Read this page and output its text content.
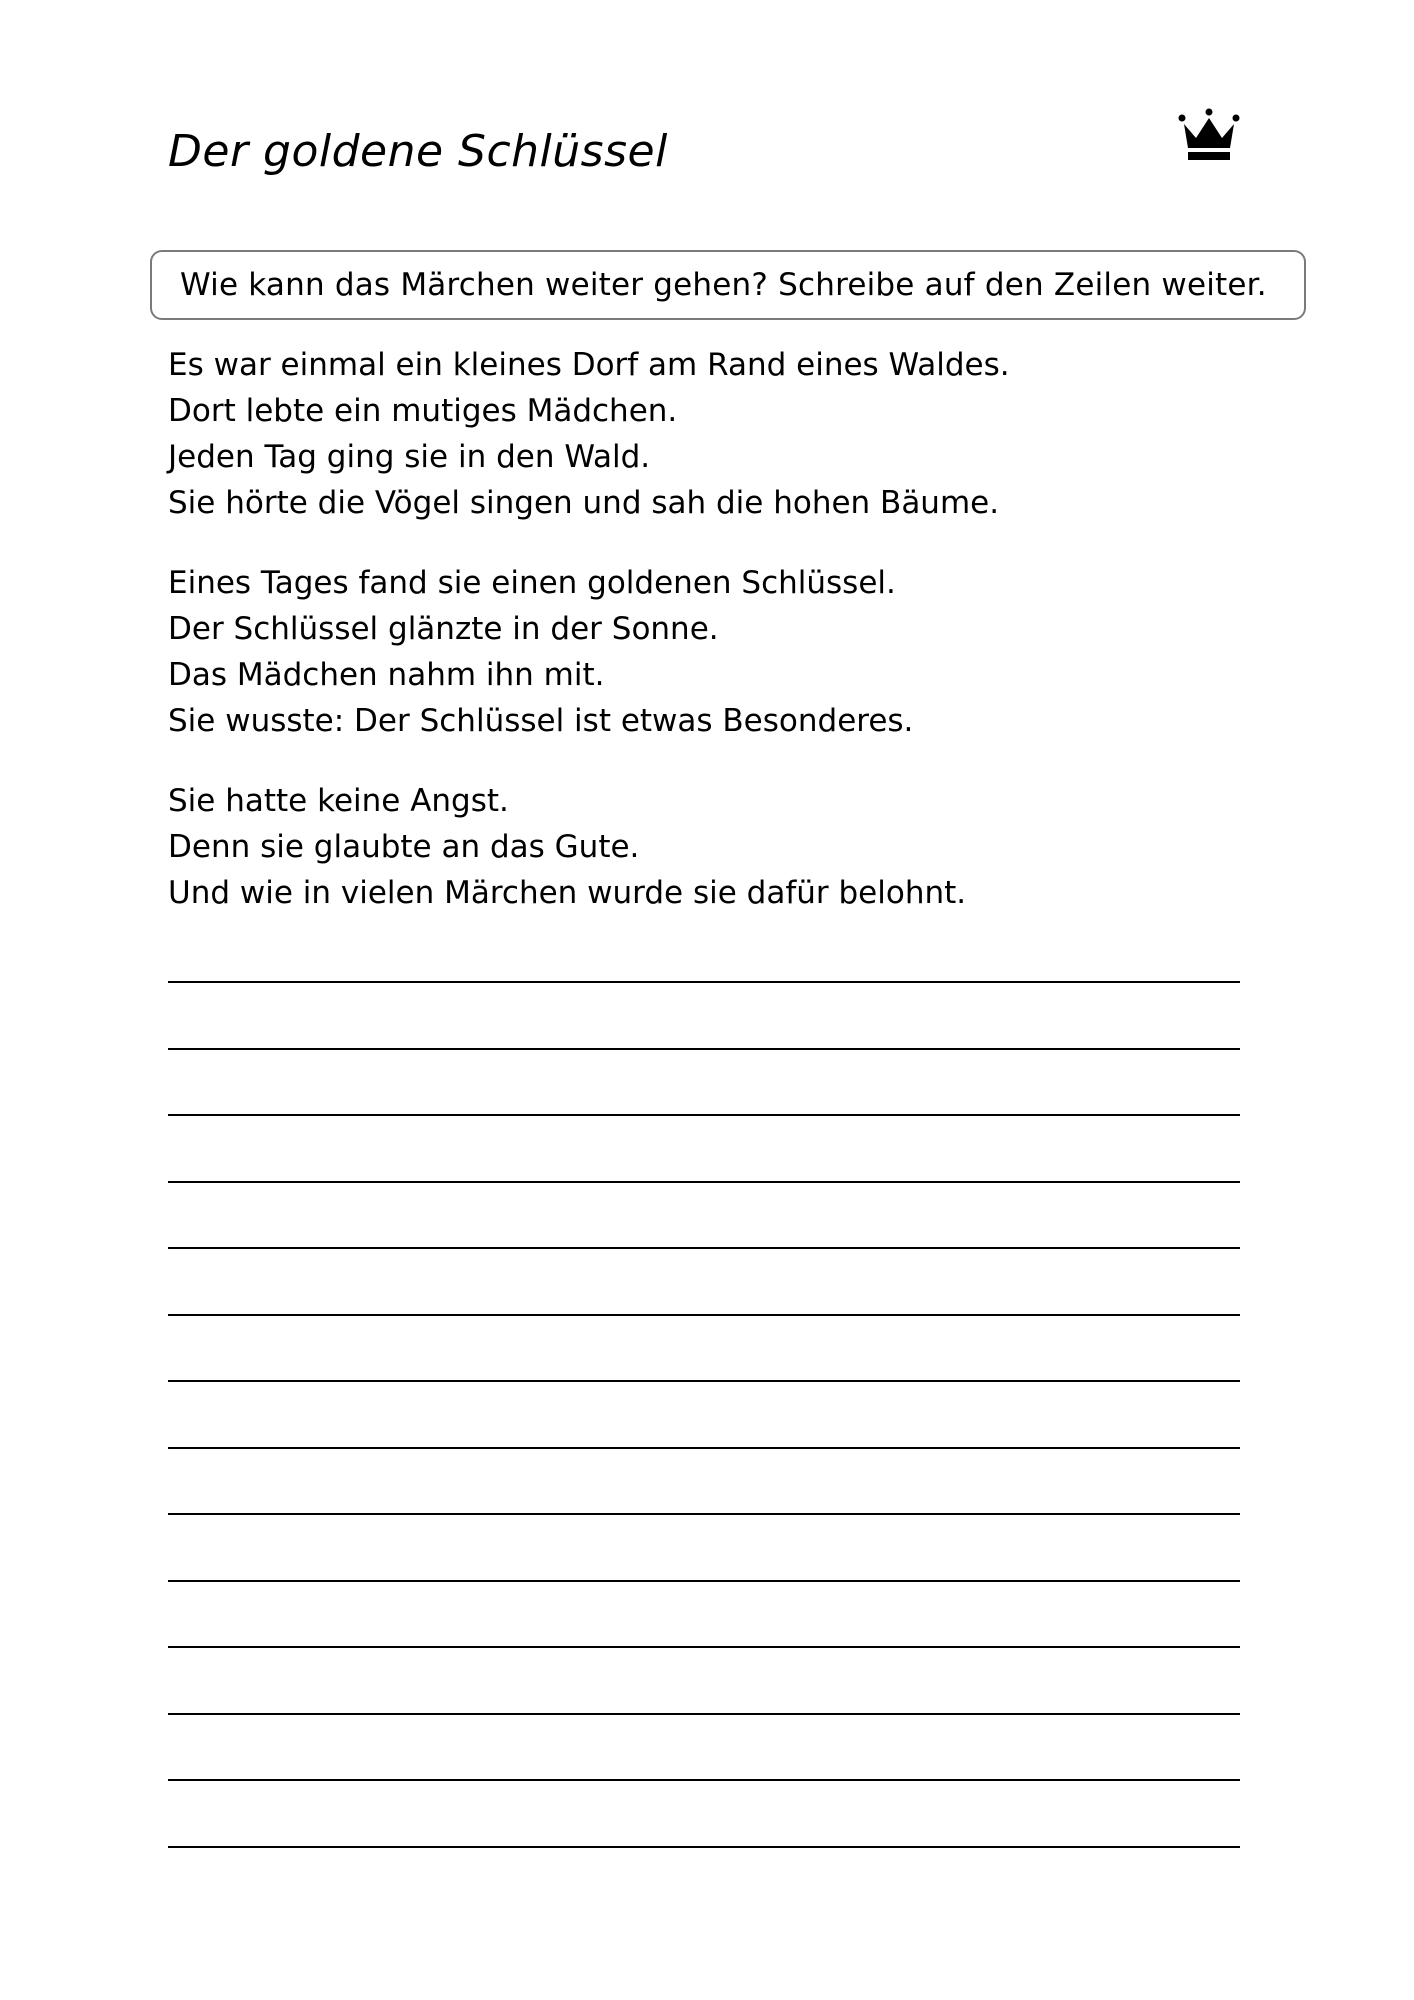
Der goldene Schlüssel
Wie kann das Märchen weiter gehen? Schreibe auf den Zeilen weiter.
Es war einmal ein kleines Dorf am Rand eines Waldes.
Dort lebte ein mutiges Mädchen.
Jeden Tag ging sie in den Wald.
Sie hörte die Vögel singen und sah die hohen Bäume.
Eines Tages fand sie einen goldenen Schlüssel.
Der Schlüssel glänzte in der Sonne.
Das Mädchen nahm ihn mit.
Sie wusste: Der Schlüssel ist etwas Besonderes.
Sie hatte keine Angst.
Denn sie glaubte an das Gute.
Und wie in vielen Märchen wurde sie dafür belohnt.
